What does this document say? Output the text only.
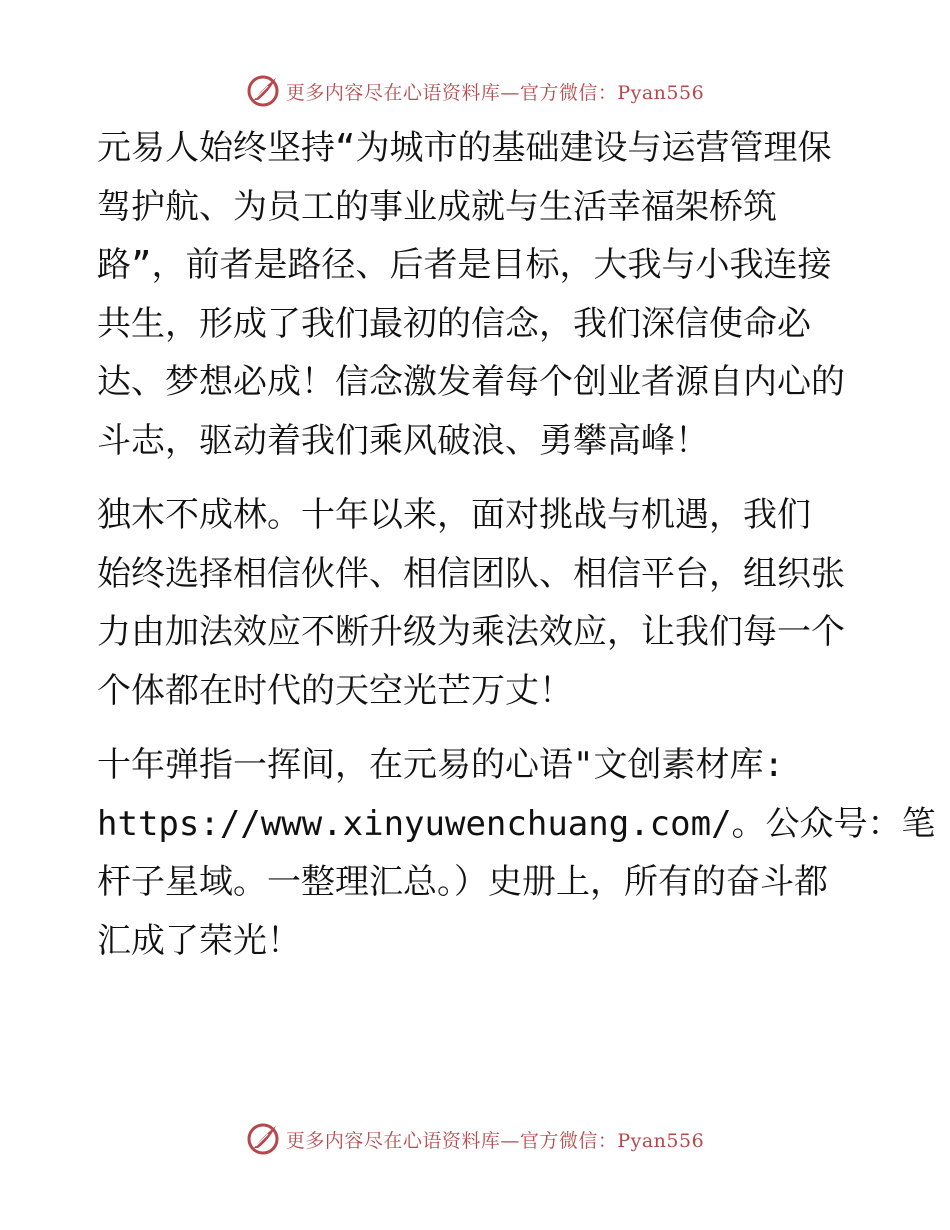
更多内容尽在心语资料库—官方微信：Pyan556
元易人始终坚持“为城市的基础建设与运营管理保
驾护航、为员工的事业成就与生活幸福架桥筑
路”，前者是路径、后者是目标，大我与小我连接
共生，形成了我们最初的信念，我们深信使命必
达、梦想必成！信念激发着每个创业者源自内心的
斗志，驱动着我们乘风破浪、勇攀高峰！
独木不成林。十年以来，面对挑战与机遇，我们
始终选择相信伙伴、相信团队、相信平台，组织张
力由加法效应不断升级为乘法效应，让我们每一个
个体都在时代的天空光芒万丈！
十年弹指一挥间，在元易的心语"文创素材库:
https://www.xinyuwenchuang.com/。公众号：笔
杆子星域。一整理汇总。）史册上，所有的奋斗都
汇成了荣光！
更多内容尽在心语资料库—官方微信：Pyan556
